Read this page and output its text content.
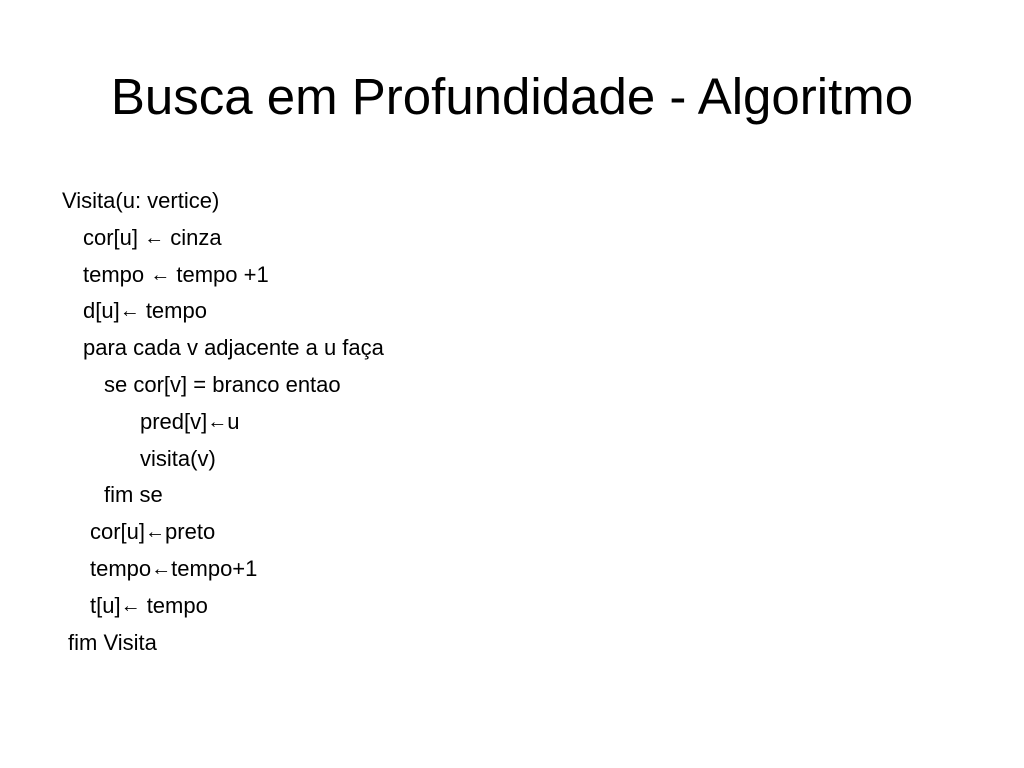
Busca em Profundidade - Algoritmo
Visita(u: vertice)
cor[u] ← cinza
tempo ← tempo +1
d[u]← tempo
para cada v adjacente a u faça
se cor[v] = branco entao
pred[v]←u
visita(v)
fim se
cor[u]←preto
tempo←tempo+1
t[u]← tempo
fim Visita
